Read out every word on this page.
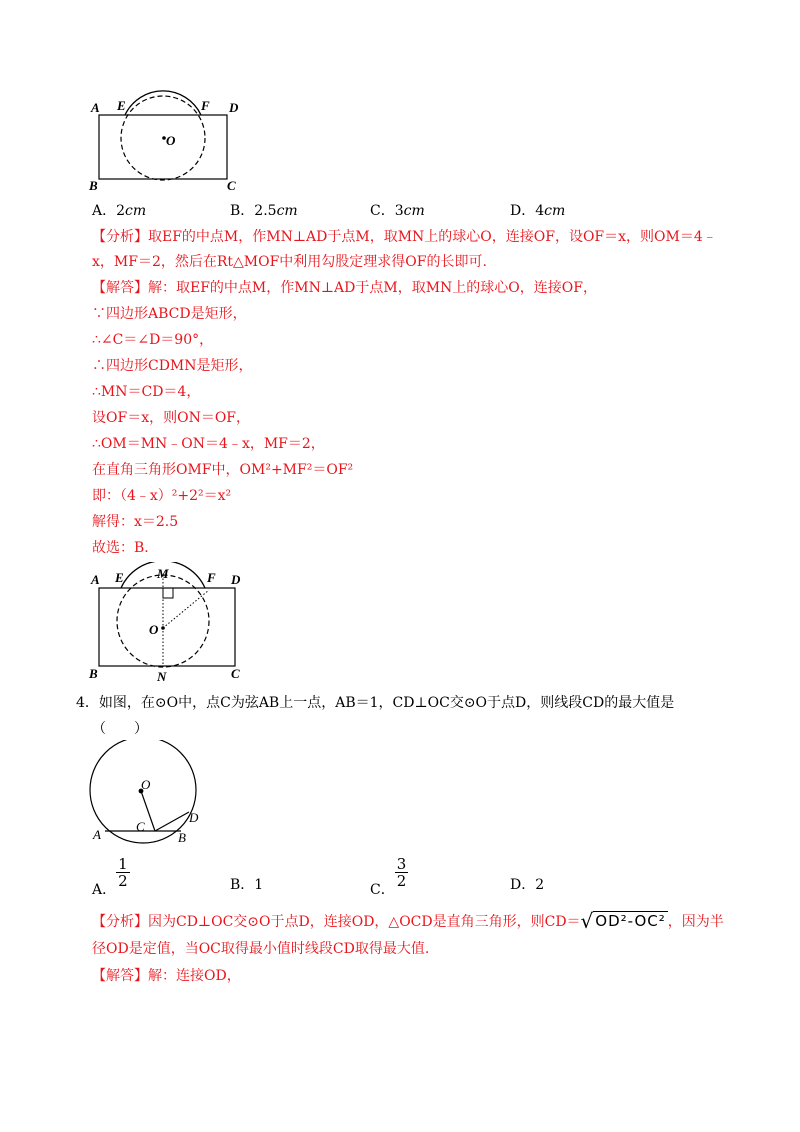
A E	F D
O
B	C
A．2cm	B．2.5cm	C．3cm	D．4cm
【分析】取EF的中点M，作MN⊥AD于点M，取MN上的球心O，连接OF，设OF＝x，则OM＝4﹣
x，MF＝2，然后在Rt△MOF中利用勾股定理求得OF的长即可.
【解答】解：取EF的中点M，作MN⊥AD于点M，取MN上的球心O，连接OF，
∵四边形ABCD是矩形，
∴∠C＝∠D＝90°，
∴四边形CDMN是矩形，
∴MN＝CD＝4，
设OF＝x，则ON＝OF，
∴OM＝MN﹣ON＝4﹣x，MF＝2，
在直角三角形OMF中，OM²+MF²＝OF²
即：（4﹣x）²+2²＝x²
解得：x＝2.5
故选：B.
A E	M	F D
O
B	N	C
4．如图，在⊙O中，点C为弦AB上一点，AB＝1，CD⊥OC交⊙O于点D，则线段CD的最大值是
（　　）
O
D
A
C
B
A．
$\frac{1}{2}$	B．1	C．
$\frac{3}{2}$	D．2
【分析】因为CD⊥OC交⊙O于点D，连接OD，△OCD是直角三角形，则CD＝√ OD²-OC² ，因为半
径OD是定值，当OC取得最小值时线段CD取得最大值.
【解答】解：连接OD，
